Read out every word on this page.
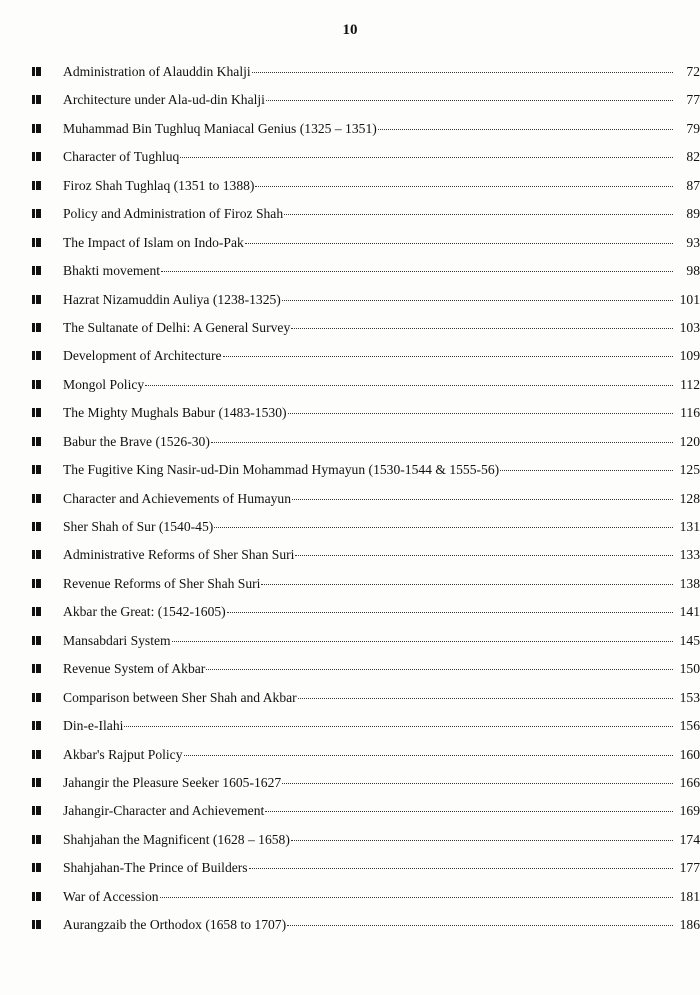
10
Administration of Alauddin Khalji	72
Architecture under Ala-ud-din Khalji	77
Muhammad Bin Tughluq Maniacal Genius (1325 – 1351)	79
Character of Tughluq	82
Firoz Shah Tughlaq (1351 to 1388)	87
Policy and Administration of Firoz Shah	89
The Impact of Islam on Indo-Pak	93
Bhakti movement	98
Hazrat Nizamuddin Auliya (1238-1325)	101
The Sultanate of Delhi: A General Survey	103
Development of Architecture	109
Mongol Policy	112
The Mighty Mughals Babur (1483-1530)	116
Babur the Brave (1526-30)	120
The Fugitive King Nasir-ud-Din Mohammad Hymayun (1530-1544 & 1555-56)	125
Character and Achievements of Humayun	128
Sher Shah of Sur (1540-45)	131
Administrative Reforms of Sher Shan Suri	133
Revenue Reforms of Sher Shah Suri	138
Akbar the Great: (1542-1605)	141
Mansabdari System	145
Revenue System of Akbar	150
Comparison between Sher Shah and Akbar	153
Din-e-Ilahi	156
Akbar's Rajput Policy	160
Jahangir the Pleasure Seeker 1605-1627	166
Jahangir-Character and Achievement	169
Shahjahan the Magnificent (1628 – 1658)	174
Shahjahan-The Prince of Builders	177
War of Accession	181
Aurangzaib the Orthodox (1658 to 1707)	186
